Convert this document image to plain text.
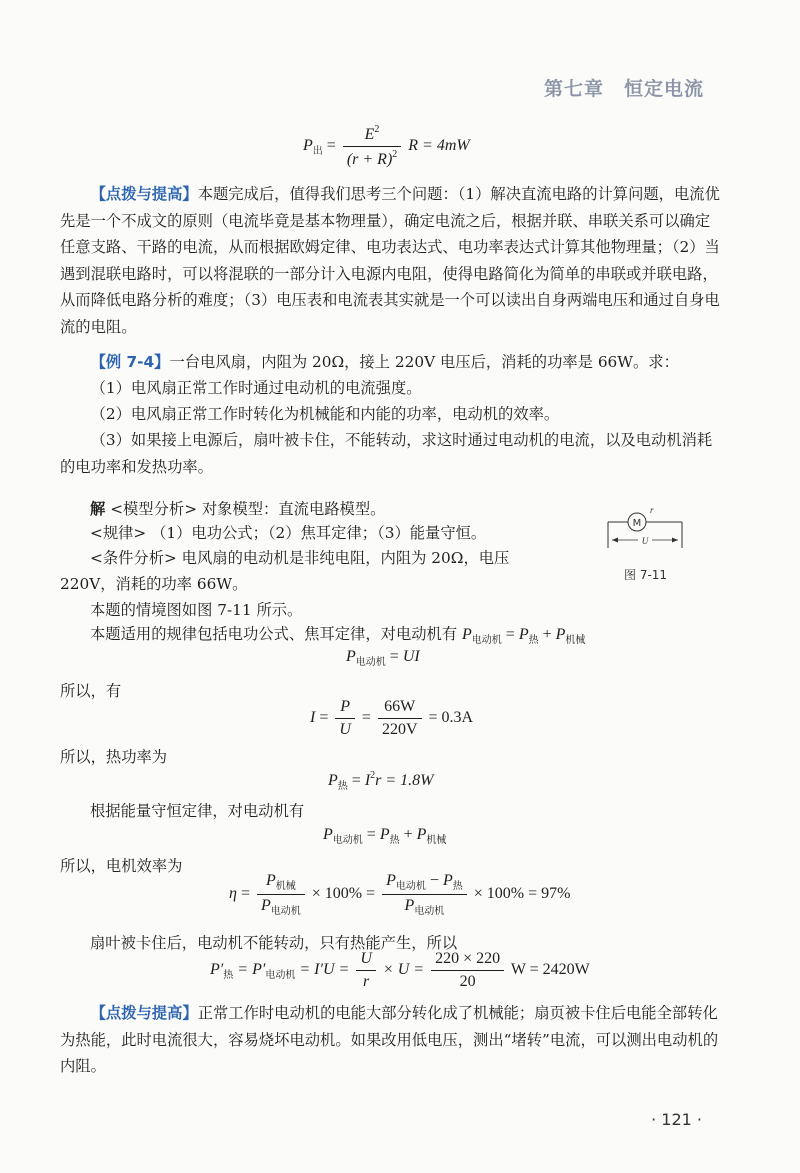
第七章　恒定电流
$P_出 = \frac{E^2}{(r + R)^2}$ R = 4mW
【点拨与提高】本题完成后，值得我们思考三个问题：（1）解决直流电路的计算问题，电流优先是一个不成文的原则（电流毕竟是基本物理量），确定电流之后，根据并联、串联关系可以确定任意支路、干路的电流，从而根据欧姆定律、电功表达式、电功率表达式计算其他物理量；（2）当遇到混联电路时，可以将混联的一部分计入电源内电阻，使得电路简化为简单的串联或并联电路，从而降低电路分析的难度；（3）电压表和电流表其实就是一个可以读出自身两端电压和通过自身电流的电阻。
【例 7-4】一台电风扇，内阻为 20Ω，接上 220V 电压后，消耗的功率是 66W。求：
（1）电风扇正常工作时通过电动机的电流强度。
（2）电风扇正常工作时转化为机械能和内能的功率，电动机的效率。
（3）如果接上电源后，扇叶被卡住，不能转动，求这时通过电动机的电流，以及电动机消耗的电功率和发热功率。
解 <模型分析> 对象模型：直流电路模型。
<规律> （1）电功公式；（2）焦耳定律；（3）能量守恒。
<条件分析> 电风扇的电动机是非纯电阻，内阻为 20Ω，电压
220V，消耗的功率 66W。
本题的情境图如图 7-11 所示。
本题适用的规律包括电功公式、焦耳定律，对电动机有 $P_{电动机} = P_热 + P_{机械}$
M
r
U
图 7-11
$P_{电动机}$ = UI
所以，有
$I = \frac{P}{U} = \frac{66W}{220V} = 0.3A$
所以，热功率为
$P_热 = I^2r = 1.8W$
根据能量守恒定律，对电动机有
$P_{电动机} = P_热 + P_{机械}$
所以，电机效率为
$\eta = \frac{P_{机械}}{P_{电动机}} \times 100\% = \frac{P_{电动机} - P_热}{P_{电动机}} \times 100\% = 97\%$
扇叶被卡住后，电动机不能转动，只有热能产生，所以
$P'_热 = P'_{电动机} = I'U = \frac{U}{r} \times U = \frac{220 \times 220}{20}$ W = 2420W
【点拨与提高】正常工作时电动机的电能大部分转化成了机械能；扇页被卡住后电能全部转化为热能，此时电流很大，容易烧坏电动机。如果改用低电压，测出“堵转”电流，可以测出电动机的内阻。
· 121 ·
